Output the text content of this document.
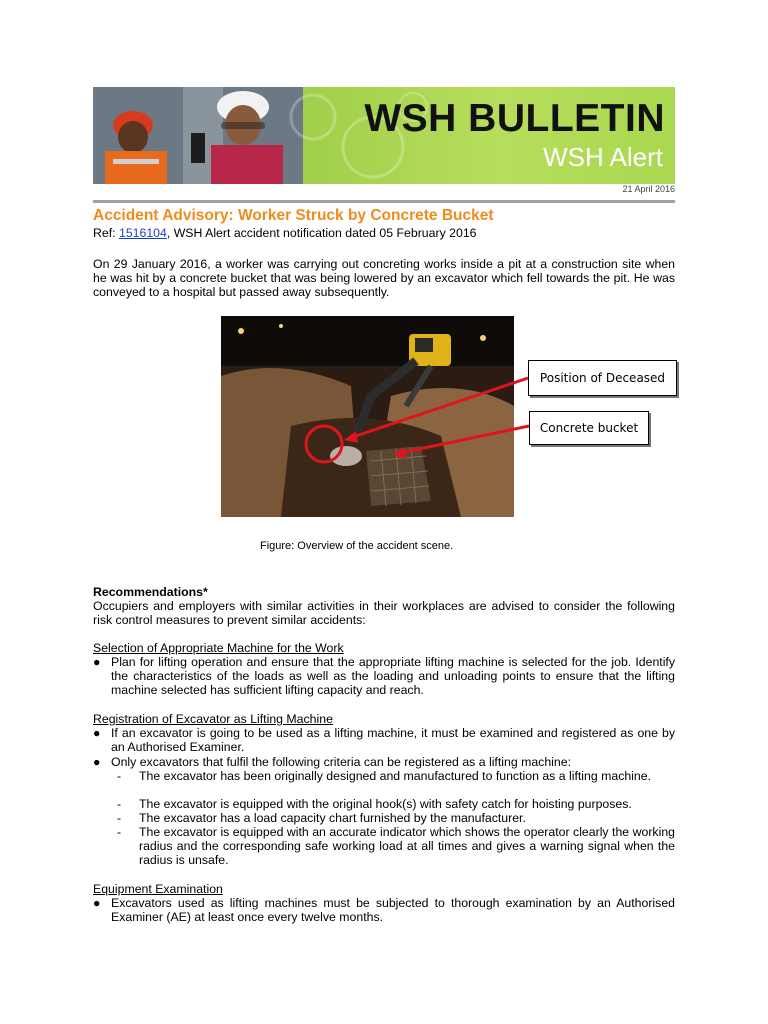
WSH BULLETIN
WSH Alert
21 April 2016
Accident Advisory: Worker Struck by Concrete Bucket
Ref: 1516104, WSH Alert accident notification dated 05 February 2016
On 29 January 2016, a worker was carrying out concreting works inside a pit at a construction site when he was hit by a concrete bucket that was being lowered by an excavator which fell towards the pit. He was conveyed to a hospital but passed away subsequently.
Position of Deceased
Concrete bucket
Figure: Overview of the accident scene.
Recommendations*
Occupiers and employers with similar activities in their workplaces are advised to consider the following risk control measures to prevent similar accidents:
Selection of Appropriate Machine for the Work
● Plan for lifting operation and ensure that the appropriate lifting machine is selected for the job. Identify the characteristics of the loads as well as the loading and unloading points to ensure that the lifting machine selected has sufficient lifting capacity and reach.
Registration of Excavator as Lifting Machine
● If an excavator is going to be used as a lifting machine, it must be examined and registered as one by an Authorised Examiner.
● Only excavators that fulfil the following criteria can be registered as a lifting machine:
- The excavator has been originally designed and manufactured to function as a lifting machine.
- The excavator is equipped with the original hook(s) with safety catch for hoisting purposes.
- The excavator has a load capacity chart furnished by the manufacturer.
- The excavator is equipped with an accurate indicator which shows the operator clearly the working radius and the corresponding safe working load at all times and gives a warning signal when the radius is unsafe.
Equipment Examination
● Excavators used as lifting machines must be subjected to thorough examination by an Authorised Examiner (AE) at least once every twelve months.
